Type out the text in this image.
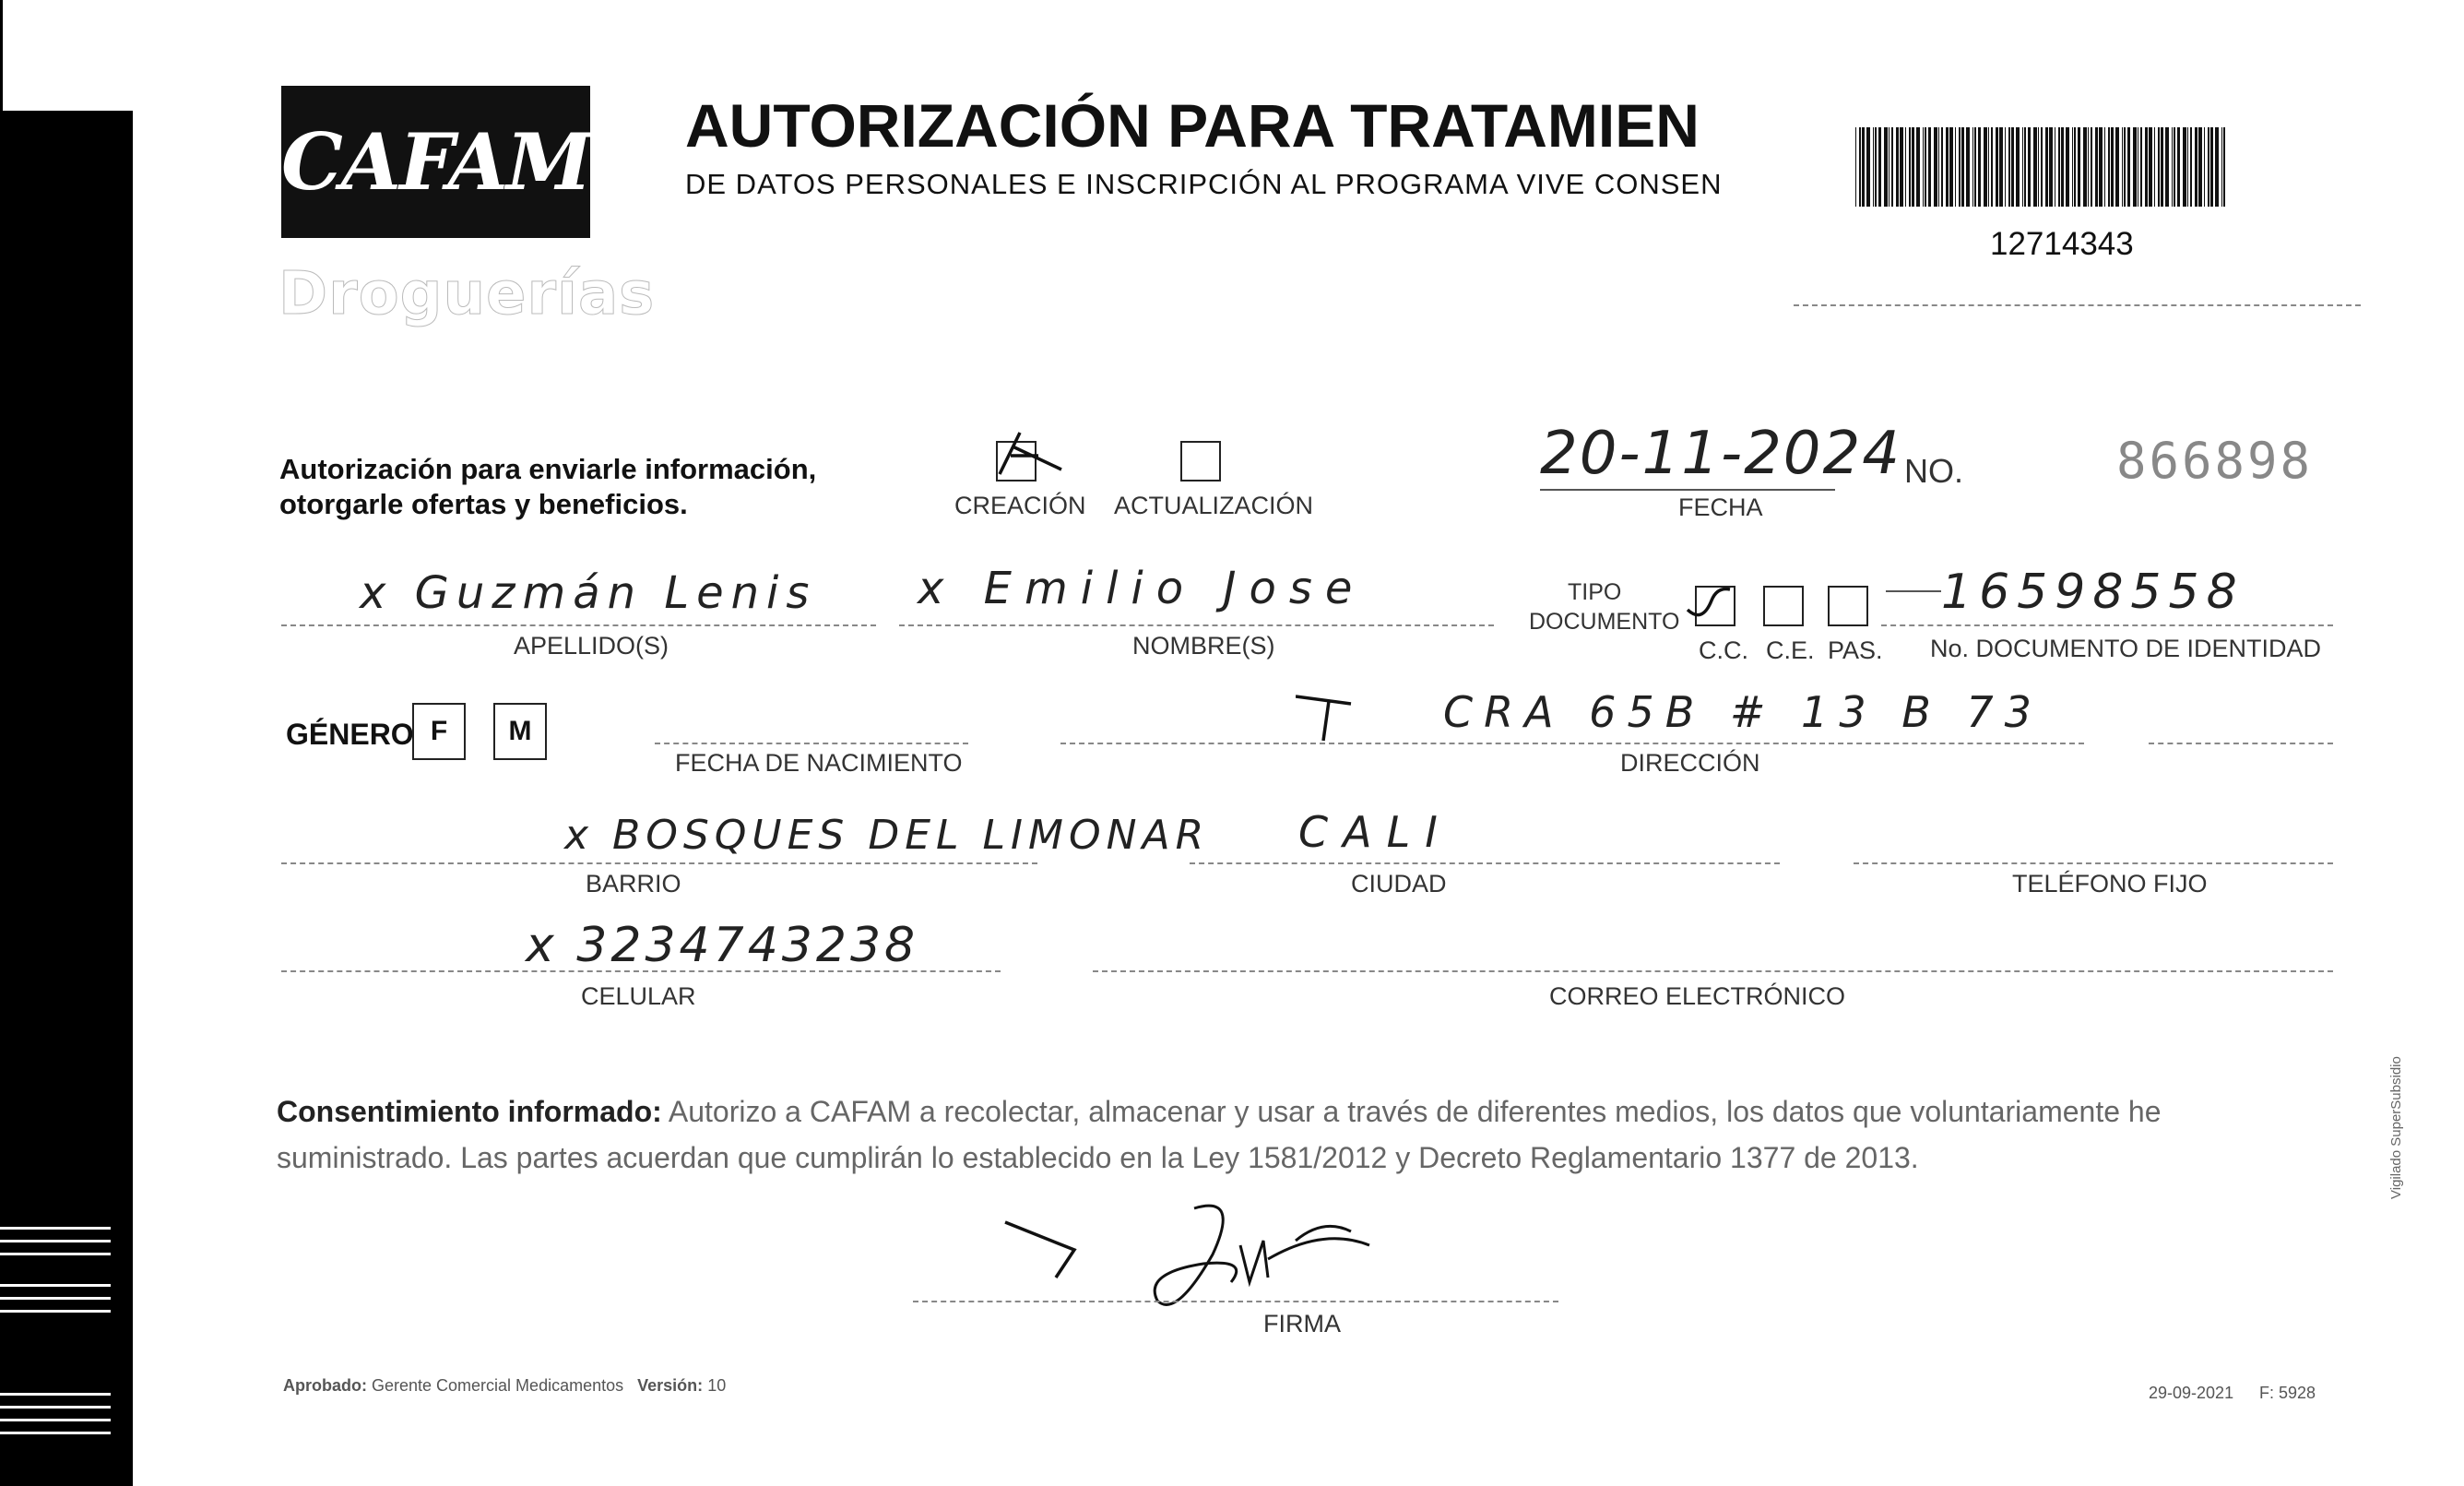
CAFAM
Droguerías
AUTORIZACIÓN PARA TRATAMIEN
DE DATOS PERSONALES E INSCRIPCIÓN AL PROGRAMA VIVE CONSEN
12714343
Autorización para enviarle información,
otorgarle ofertas y beneficios.	CREACIÓN ACTUALIZACIÓN
20-11-2024
FECHA
NO.	866898
x Guzmán Lenis
APELLIDO(S)
x Emilio Jose
NOMBRE(S)
TIPO
DOCUMENTO
C.C. C.E. PAS.
16598558
No. DOCUMENTO DE IDENTIDAD
GÉNERO F	M
FECHA DE NACIMIENTO
CRA 65B # 13 B 73
DIRECCIÓN
x BOSQUES DEL LIMONAR
BARRIO
CALI
CIUDAD	TELÉFONO FIJO
x 3234743238
CELULAR	CORREO ELECTRÓNICO
Consentimiento informado: Autorizo a CAFAM a recolectar, almacenar y usar a través de diferentes medios, los datos que voluntariamente he suministrado. Las partes acuerdan que cumplirán lo establecido en la Ley 1581/2012 y Decreto Reglamentario 1377 de 2013.
FIRMA
Aprobado: Gerente Comercial Medicamentos Versión: 10	29-09-2021 F: 5928
Vigilado SuperSubsidio
